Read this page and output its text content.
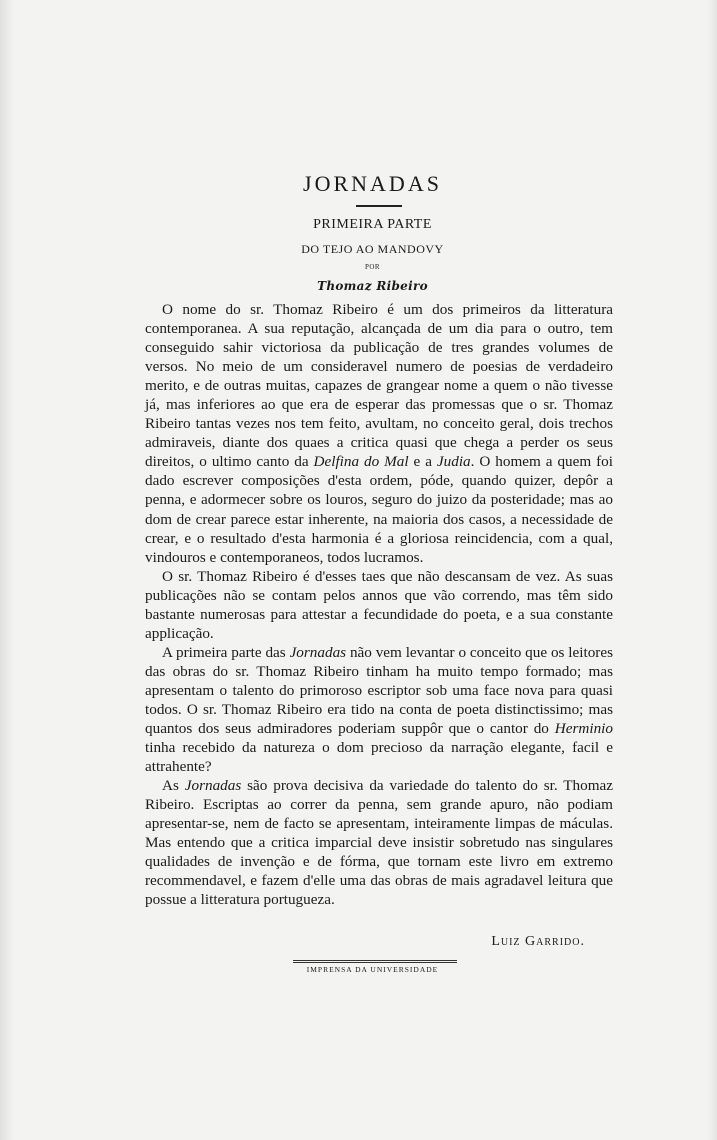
JORNADAS
PRIMEIRA PARTE
DO TEJO AO MANDOVY
POR
Thomaz Ribeiro

O nome do sr. Thomaz Ribeiro é um dos primeiros da litteratura contemporanea. A sua reputação, alcançada de um dia para o outro, tem conseguido sahir victoriosa da publicação de tres grandes volumes de versos. No meio de um consideravel numero de poesias de verdadeiro merito, e de outras muitas, capazes de grangear nome a quem o não tivesse já, mas inferiores ao que era de esperar das promessas que o sr. Thomaz Ribeiro tantas vezes nos tem feito, avultam, no conceito geral, dois trechos admiraveis, diante dos quaes a critica quasi que chega a perder os seus direitos, o ultimo canto da Delfina do Mal e a Judia. O homem a quem foi dado escrever composições d'esta ordem, póde, quando quizer, depôr a penna, e adormecer sobre os louros, seguro do juizo da posteridade; mas ao dom de crear parece estar inherente, na maioria dos casos, a necessidade de crear, e o resultado d'esta harmonia é a gloriosa reincidencia, com a qual, vindouros e contemporaneos, todos lucramos.

O sr. Thomaz Ribeiro é d'esses taes que não descansam de vez. As suas publicações não se contam pelos annos que vão correndo, mas têm sido bastante numerosas para attestar a fecundidade do poeta, e a sua constante applicação.

A primeira parte das Jornadas não vem levantar o conceito que os leitores das obras do sr. Thomaz Ribeiro tinham ha muito tempo formado; mas apresentam o talento do primoroso escriptor sob uma face nova para quasi todos. O sr. Thomaz Ribeiro era tido na conta de poeta distinctissimo; mas quantos dos seus admiradores poderiam suppôr que o cantor do Herminio tinha recebido da natureza o dom precioso da narração elegante, facil e attrahente?

As Jornadas são prova decisiva da variedade do talento do sr. Thomaz Ribeiro. Escriptas ao correr da penna, sem grande apuro, não podiam apresentar-se, nem de facto se apresentam, inteiramente limpas de máculas. Mas entendo que a critica imparcial deve insistir sobretudo nas singulares qualidades de invenção e de fórma, que tornam este livro em extremo recommendavel, e fazem d'elle uma das obras de mais agradavel leitura que possue a litteratura portugueza.

Luiz Garrido.
IMPRENSA DA UNIVERSIDADE
